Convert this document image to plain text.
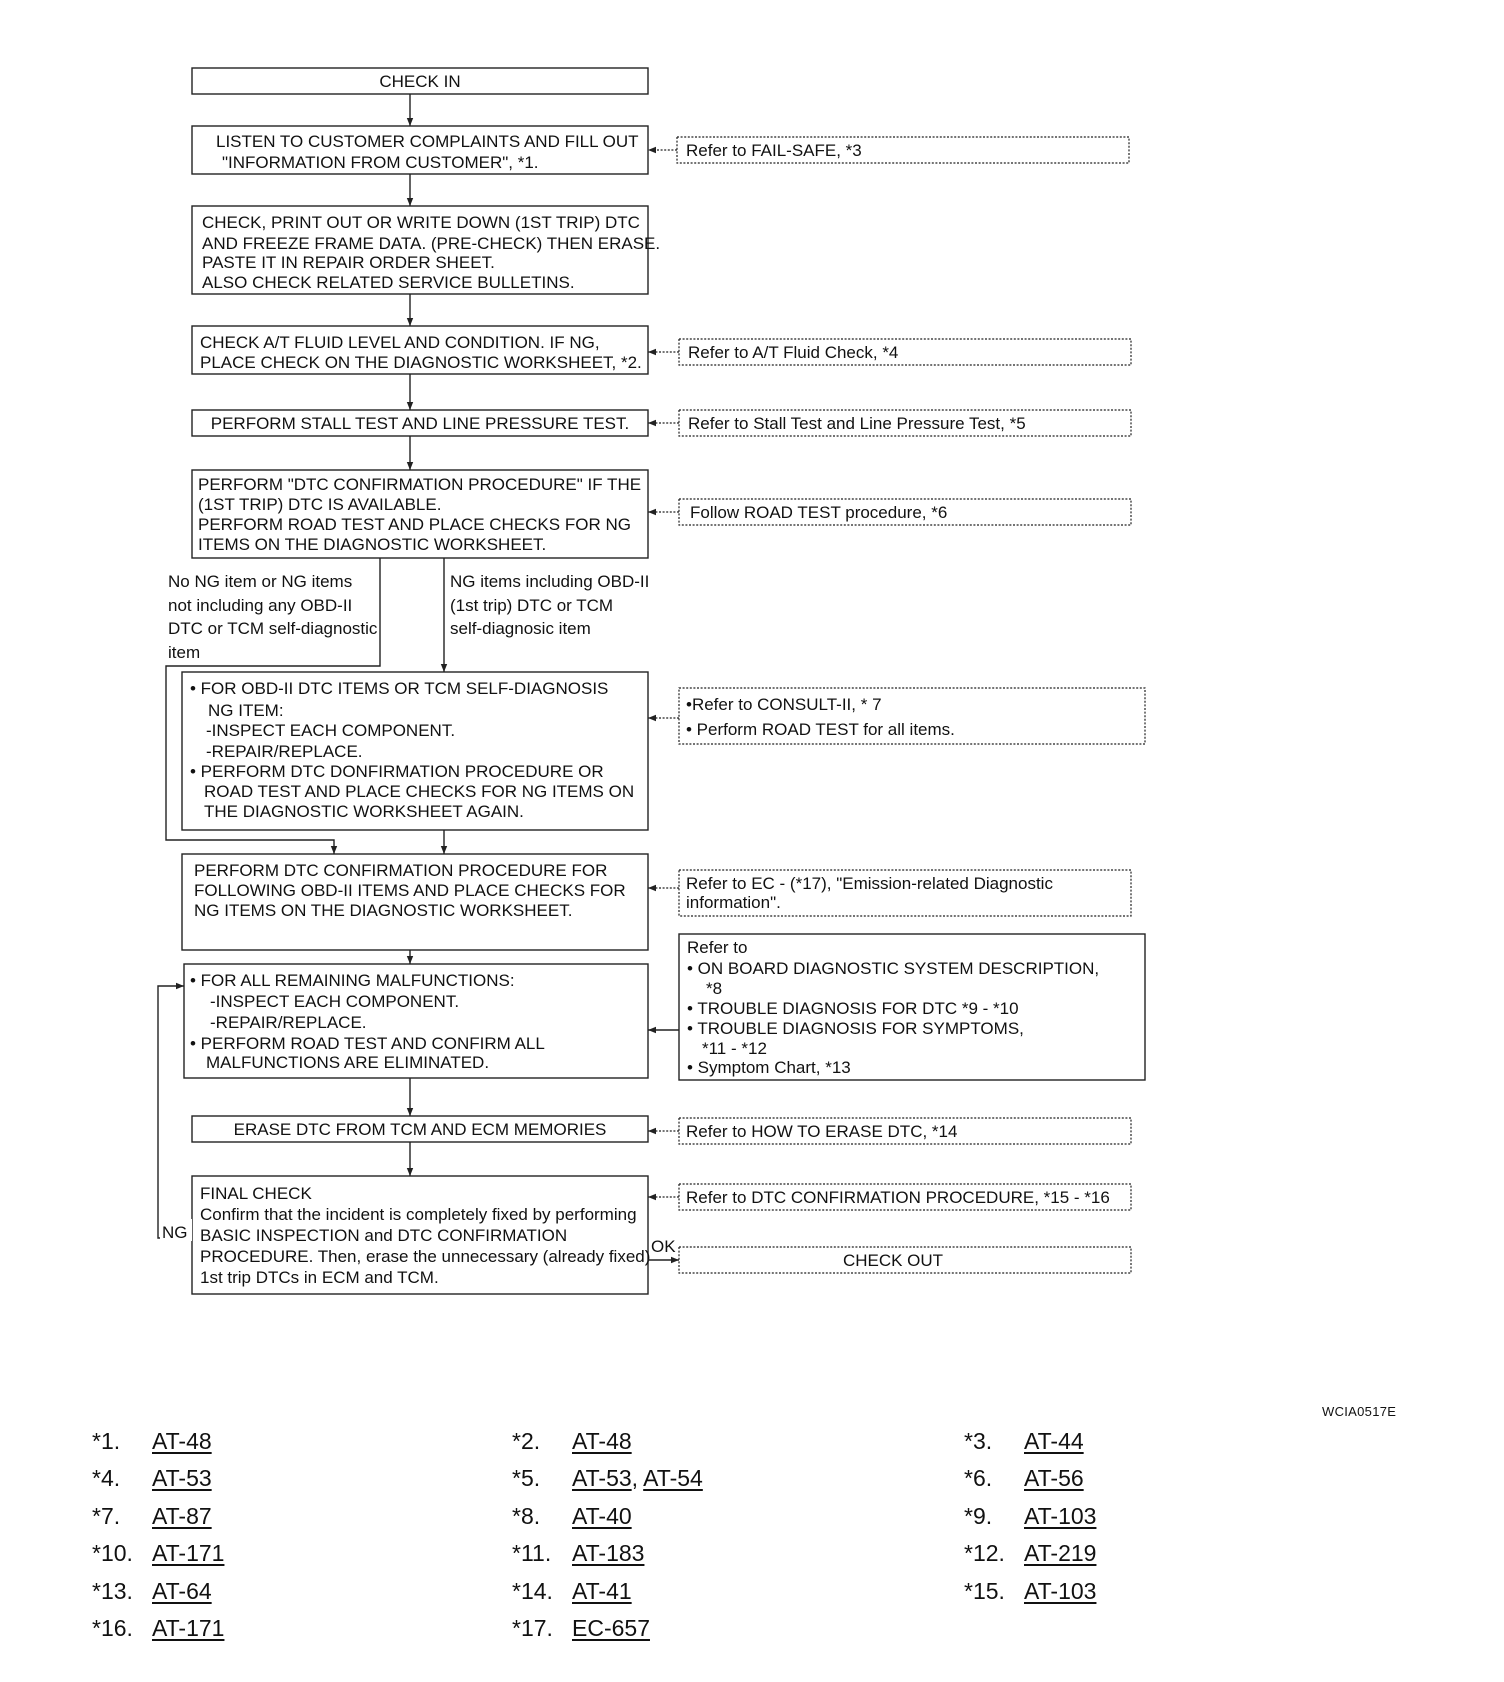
CHECK IN
LISTEN TO CUSTOMER COMPLAINTS AND FILL OUT
"INFORMATION FROM CUSTOMER", *1.
CHECK, PRINT OUT OR WRITE DOWN (1ST TRIP) DTC
AND FREEZE FRAME DATA. (PRE-CHECK) THEN ERASE.
PASTE IT IN REPAIR ORDER SHEET.
ALSO CHECK RELATED SERVICE BULLETINS.
CHECK A/T FLUID LEVEL AND CONDITION. IF NG,
PLACE CHECK ON THE DIAGNOSTIC WORKSHEET, *2.
PERFORM STALL TEST AND LINE PRESSURE TEST.
PERFORM "DTC CONFIRMATION PROCEDURE" IF THE
(1ST TRIP) DTC IS AVAILABLE.
PERFORM ROAD TEST AND PLACE CHECKS FOR NG
ITEMS ON THE DIAGNOSTIC WORKSHEET.
• FOR OBD-II DTC ITEMS OR TCM SELF-DIAGNOSIS
NG ITEM:
-INSPECT EACH COMPONENT.
-REPAIR/REPLACE.
• PERFORM DTC DONFIRMATION PROCEDURE OR
ROAD TEST AND PLACE CHECKS FOR NG ITEMS ON
THE DIAGNOSTIC WORKSHEET AGAIN.
PERFORM DTC CONFIRMATION PROCEDURE FOR
FOLLOWING OBD-II ITEMS AND PLACE CHECKS FOR
NG ITEMS ON THE DIAGNOSTIC WORKSHEET.
• FOR ALL REMAINING MALFUNCTIONS:
-INSPECT EACH COMPONENT.
-REPAIR/REPLACE.
• PERFORM ROAD TEST AND CONFIRM ALL
MALFUNCTIONS ARE ELIMINATED.
ERASE DTC FROM TCM AND ECM MEMORIES
FINAL CHECK
Confirm that the incident is completely fixed by performing
BASIC INSPECTION and DTC CONFIRMATION
PROCEDURE. Then, erase the unnecessary (already fixed)
1st trip DTCs in ECM and TCM.
Refer to FAIL-SAFE, *3
Refer to A/T Fluid Check, *4
Refer to Stall Test and Line Pressure Test, *5
Follow ROAD TEST procedure, *6
•Refer to CONSULT-II, * 7
• Perform ROAD TEST for all items.
Refer to EC - (*17), "Emission-related Diagnostic
information".
Refer to
• ON BOARD DIAGNOSTIC SYSTEM DESCRIPTION,
*8
• TROUBLE DIAGNOSIS FOR DTC *9 - *10
• TROUBLE DIAGNOSIS FOR SYMPTOMS,
*11 - *12
• Symptom Chart, *13
Refer to HOW TO ERASE DTC, *14
Refer to DTC CONFIRMATION PROCEDURE, *15 - *16
CHECK OUT
No NG item or NG items
not including any OBD-II
DTC or TCM self-diagnostic
item
NG items including OBD-II
(1st trip) DTC or TCM
self-diagnosic item
NG
OK
WCIA0517E
*1. AT-48	*2. AT-48	*3. AT-44
*4. AT-53	*5. AT-53, AT-54	*6. AT-56
*7. AT-87	*8. AT-40	*9. AT-103
*10. AT-171	*11. AT-183	*12. AT-219
*13. AT-64	*14. AT-41	*15. AT-103
*16. AT-171	*17. EC-657
